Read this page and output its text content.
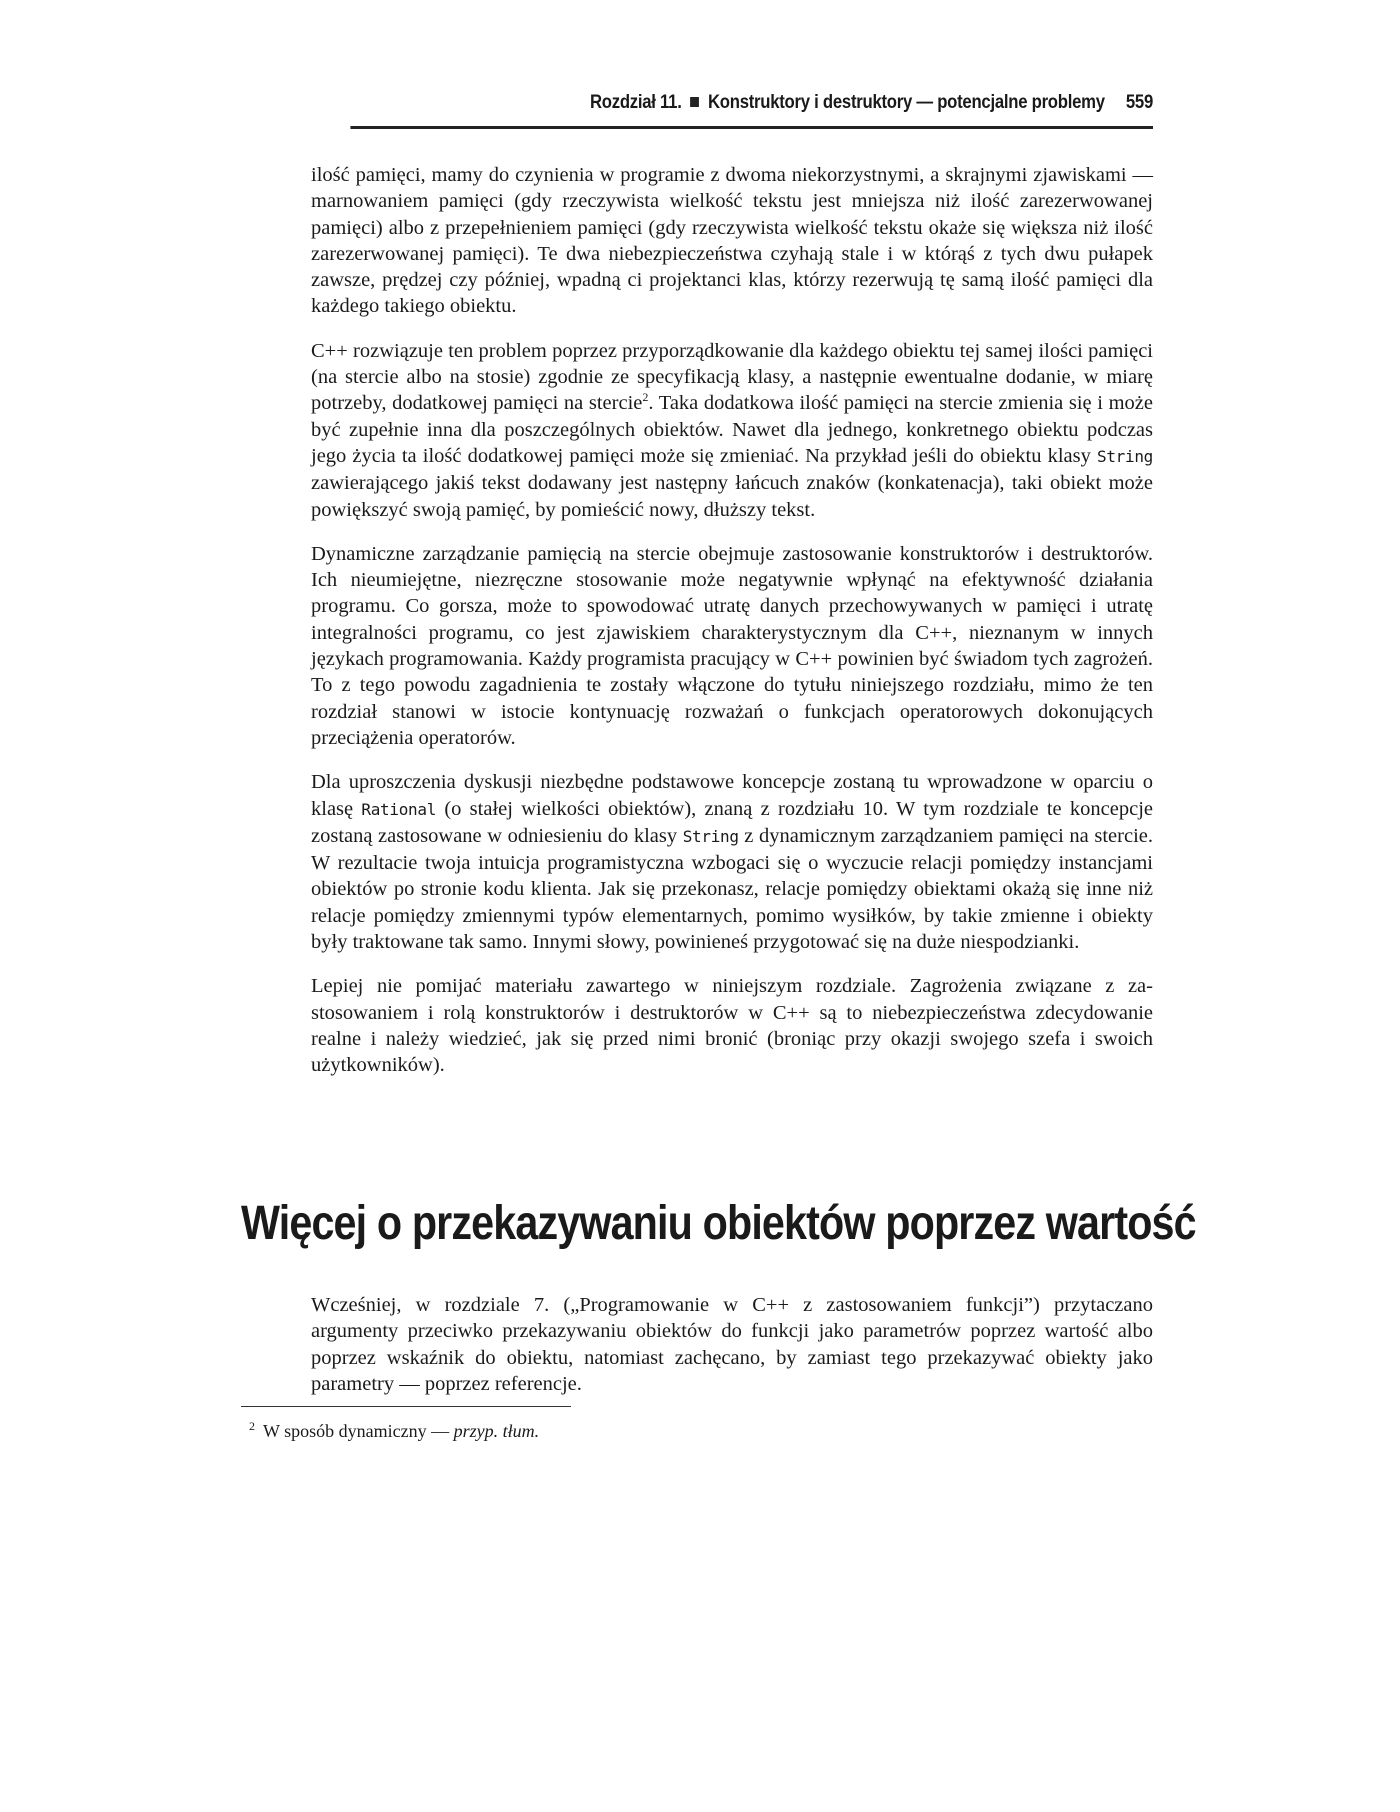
Rozdział 11. Konstruktory i destruktory — potencjalne problemy 559

ilość pamięci, mamy do czynienia w programie z dwoma niekorzystnymi, a skrajnymi zjawiskami — marnowaniem pamięci (gdy rzeczywista wielkość tekstu jest mniejsza niż ilość zarezerwowanej pamięci) albo z przepełnieniem pamięci (gdy rzeczywista wielkość tekstu okaże się większa niż ilość zarezerwowanej pamięci). Te dwa niebezpieczeństwa czyhają stale i w którąś z tych dwu pułapek zawsze, prędzej czy później, wpadną ci projektanci klas, którzy rezerwują tę samą ilość pamięci dla każdego takiego obiektu.

C++ rozwiązuje ten problem poprzez przyporządkowanie dla każdego obiektu tej samej ilości pamięci (na stercie albo na stosie) zgodnie ze specyfikacją klasy, a następnie ewentualne dodanie, w miarę potrzeby, dodatkowej pamięci na stercie$^2$. Taka dodatkowa ilość pamięci na stercie zmienia się i może być zupełnie inna dla poszczególnych obiektów. Nawet dla jednego, konkretnego obiektu podczas jego życia ta ilość dodatkowej pamięci może się zmieniać. Na przykład jeśli do obiektu klasy String zawierającego jakiś tekst dodawany jest następny łańcuch znaków (konkatenacja), taki obiekt może powiększyć swoją pamięć, by pomieścić nowy, dłuższy tekst.

Dynamiczne zarządzanie pamięcią na stercie obejmuje zastosowanie konstruktorów i destruktorów. Ich nieumiejętne, niezręczne stosowanie może negatywnie wpłynąć na efektywność działania programu. Co gorsza, może to spowodować utratę danych przechowywanych w pamięci i utratę integralności programu, co jest zjawiskiem charakterystycznym dla C++, nieznanym w innych językach programowania. Każdy programista pracujący w C++ powinien być świadom tych zagrożeń. To z tego powodu zagadnienia te zostały włączone do tytułu niniejszego rozdziału, mimo że ten rozdział stanowi w istocie kontynuację rozważań o funkcjach operatorowych dokonujących przeciążenia operatorów.

Dla uproszczenia dyskusji niezbędne podstawowe koncepcje zostaną tu wprowadzone w oparciu o klasę Rational (o stałej wielkości obiektów), znaną z rozdziału 10. W tym rozdziale te koncepcje zostaną zastosowane w odniesieniu do klasy String z dynamicznym zarządzaniem pamięci na stercie. W rezultacie twoja intuicja programistyczna wzbogaci się o wyczucie relacji pomiędzy instancjami obiektów po stronie kodu klienta. Jak się przekonasz, relacje pomiędzy obiektami okażą się inne niż relacje pomiędzy zmiennymi typów elementarnych, pomimo wysiłków, by takie zmienne i obiekty były traktowane tak samo. Innymi słowy, powinieneś przygotować się na duże niespodzianki.

Lepiej nie pomijać materiału zawartego w niniejszym rozdziale. Zagrożenia związane z zastosowaniem i rolą konstruktorów i destruktorów w C++ są to niebezpieczeństwa zdecydowanie realne i należy wiedzieć, jak się przed nimi bronić (broniąc przy okazji swojego szefa i swoich użytkowników).

Więcej o przekazywaniu obiektów poprzez wartość

Wcześniej, w rozdziale 7. („Programowanie w C++ z zastosowaniem funkcji”) przytaczano argumenty przeciwko przekazywaniu obiektów do funkcji jako parametrów poprzez wartość albo poprzez wskaźnik do obiektu, natomiast zachęcano, by zamiast tego przekazywać obiekty jako parametry — poprzez referencje.

$^2$ W sposób dynamiczny — przyp. tłum.
